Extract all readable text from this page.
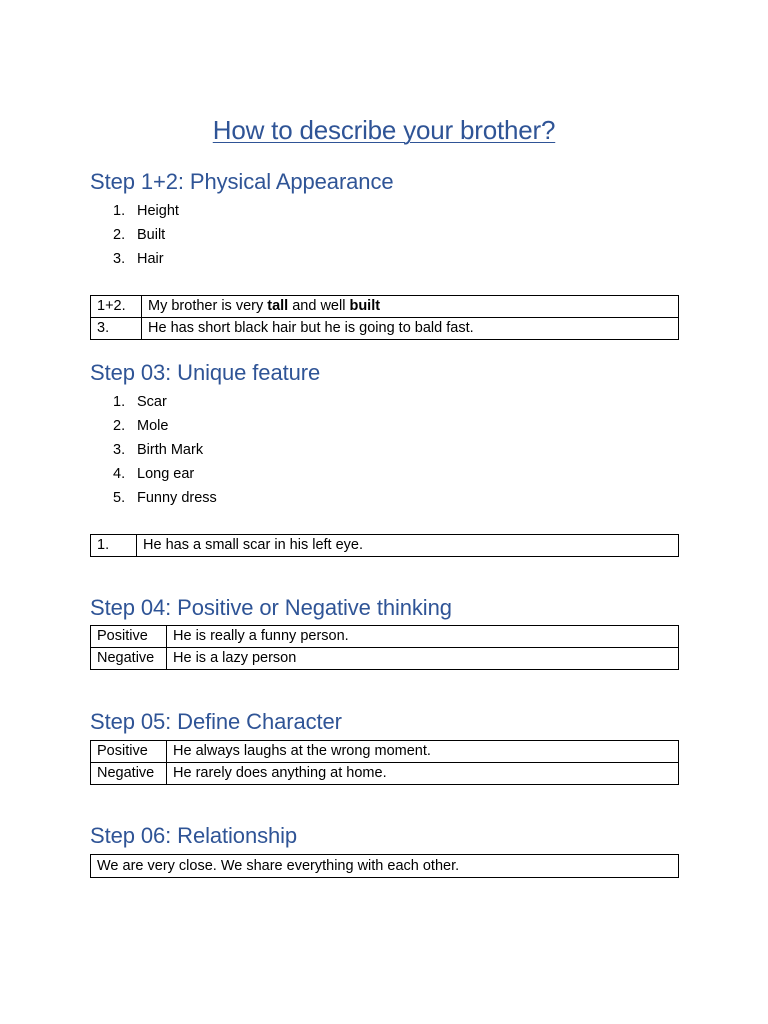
How to describe your brother?
Step 1+2: Physical Appearance
1. Height
2. Built
3. Hair
1+2.	My brother is very tall and well built
3.	He has short black hair but he is going to bald fast.
Step 03: Unique feature
1. Scar
2. Mole
3. Birth Mark
4. Long ear
5. Funny dress
1.	He has a small scar in his left eye.
Step 04: Positive or Negative thinking
Positive	He is really a funny person.
Negative	He is a lazy person
Step 05: Define Character
Positive	He always laughs at the wrong moment.
Negative	He rarely does anything at home.
Step 06: Relationship
We are very close. We share everything with each other.
